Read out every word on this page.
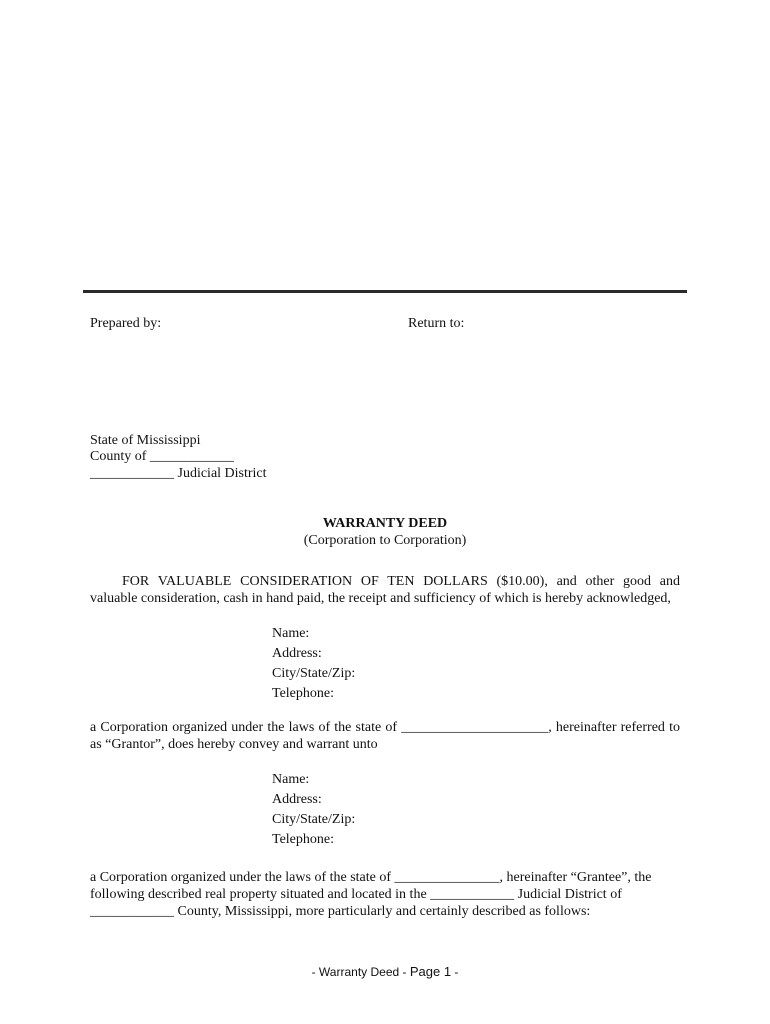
Prepared by:	Return to:
State of Mississippi
County of ____________
____________ Judicial District
WARRANTY DEED
(Corporation to Corporation)
FOR VALUABLE CONSIDERATION OF TEN DOLLARS ($10.00), and other good and
valuable consideration, cash in hand paid, the receipt and sufficiency of which is hereby acknowledged,
Name:
Address:
City/State/Zip:
Telephone:
a Corporation organized under the laws of the state of _____________________, hereinafter referred to
as “Grantor”, does hereby convey and warrant unto
Name:
Address:
City/State/Zip:
Telephone:
a Corporation organized under the laws of the state of _______________, hereinafter “Grantee”, the
following described real property situated and located in the ____________ Judicial District of
____________ County, Mississippi, more particularly and certainly described as follows:
- Warranty Deed - Page 1 -
